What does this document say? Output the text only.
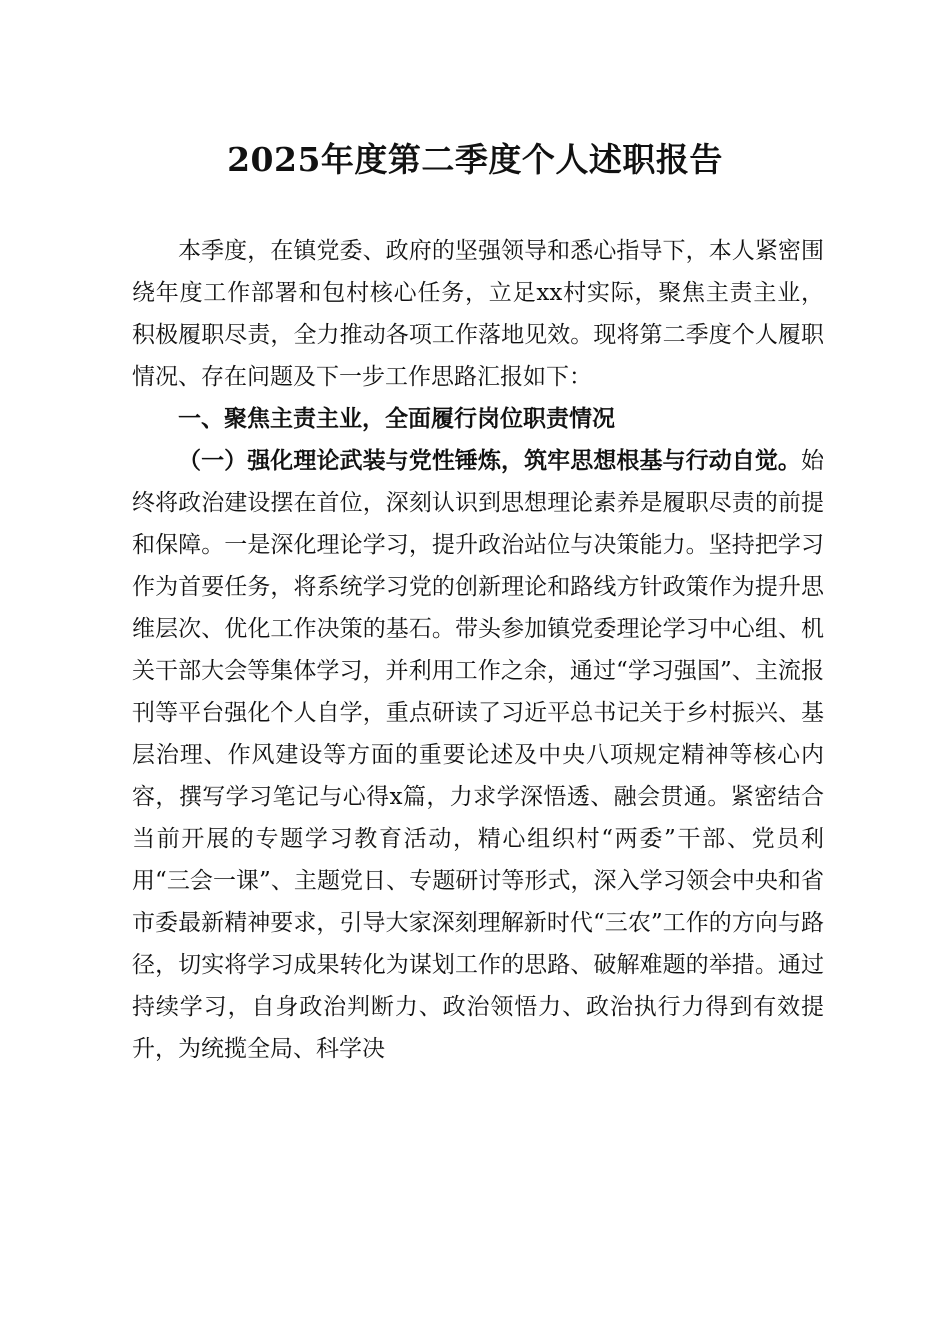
2025年度第二季度个人述职报告

本季度，在镇党委、政府的坚强领导和悉心指导下，本人紧密围绕年度工作部署和包村核心任务，立足xx村实际，聚焦主责主业，积极履职尽责，全力推动各项工作落地见效。现将第二季度个人履职情况、存在问题及下一步工作思路汇报如下：

一、聚焦主责主业，全面履行岗位职责情况

（一）强化理论武装与党性锤炼，筑牢思想根基与行动自觉。始终将政治建设摆在首位，深刻认识到思想理论素养是履职尽责的前提和保障。一是深化理论学习，提升政治站位与决策能力。坚持把学习作为首要任务，将系统学习党的创新理论和路线方针政策作为提升思维层次、优化工作决策的基石。带头参加镇党委理论学习中心组、机关干部大会等集体学习，并利用工作之余，通过“学习强国”、主流报刊等平台强化个人自学，重点研读了习近平总书记关于乡村振兴、基层治理、作风建设等方面的重要论述及中央八项规定精神等核心内容，撰写学习笔记与心得x篇，力求学深悟透、融会贯通。紧密结合当前开展的专题学习教育活动，精心组织村“两委”干部、党员利用“三会一课”、主题党日、专题研讨等形式，深入学习领会中央和省市委最新精神要求，引导大家深刻理解新时代“三农”工作的方向与路径，切实将学习成果转化为谋划工作的思路、破解难题的举措。通过持续学习，自身政治判断力、政治领悟力、政治执行力得到有效提升，为统揽全局、科学决
